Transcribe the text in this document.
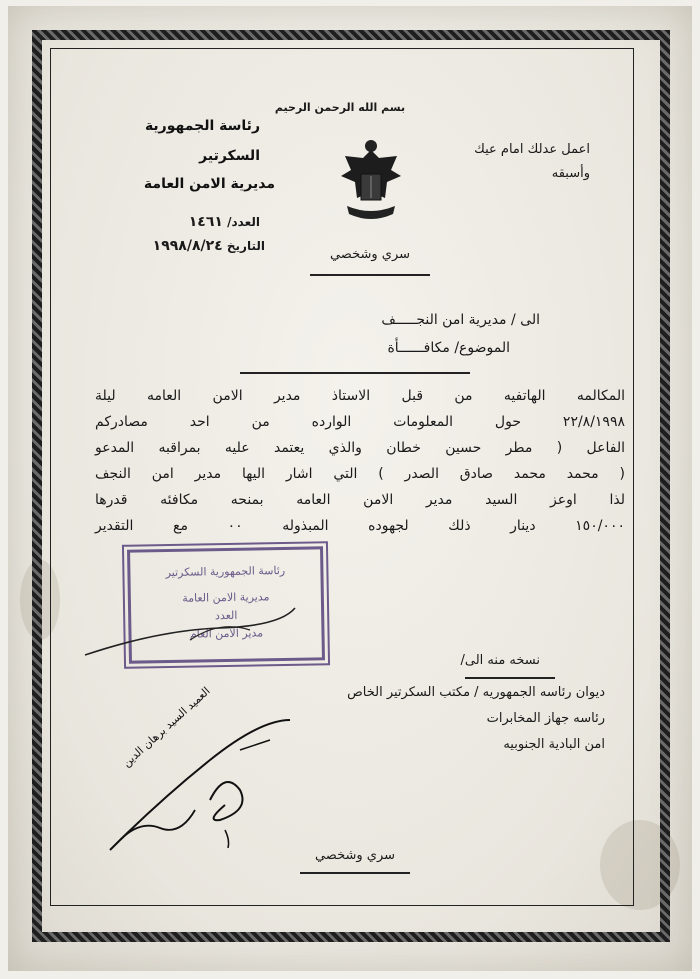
بسم الله الرحمن الرحيم
رئاسة الجمهورية
السكرتير
مديرية الامن العامة
العدد/ ١٤٦١
التاريخ ١٩٩٨/٨/٢٤
اعمل عدلك امام عيك
وأسبقه
سري وشخصي
الى / مديرية امن النجـــــف
الموضوع/ مكافــــــأة
المكالمه الهاتفيه من قبل الاستاذ مدير الامن العامه ليلة
٢٢/٨/١٩٩٨ حول المعلومات الوارده من احد مصادركم
الفاعل ( مطر حسين خطان والذي يعتمد عليه بمراقبه المدعو
( محمد محمد صادق الصدر ) التي اشار اليها مدير امن النجف
لذا اوعز السيد مدير الامن العامه بمنحه مكافئه قدرها
١٥٠/٠٠٠ دينار ذلك لجهوده المبذوله ٠٠ مع التقدير
رئاسة الجمهورية السكرتير
مديرية الامن العامة
العدد
مدير الامن العام
نسخه منه الى/
ديوان رئاسه الجمهوريه / مكتب السكرتير الخاص
رئاسه جهاز المخابرات
امن البادية الجنوبيه
العميد السيد برهان الدين
سري وشخصي
